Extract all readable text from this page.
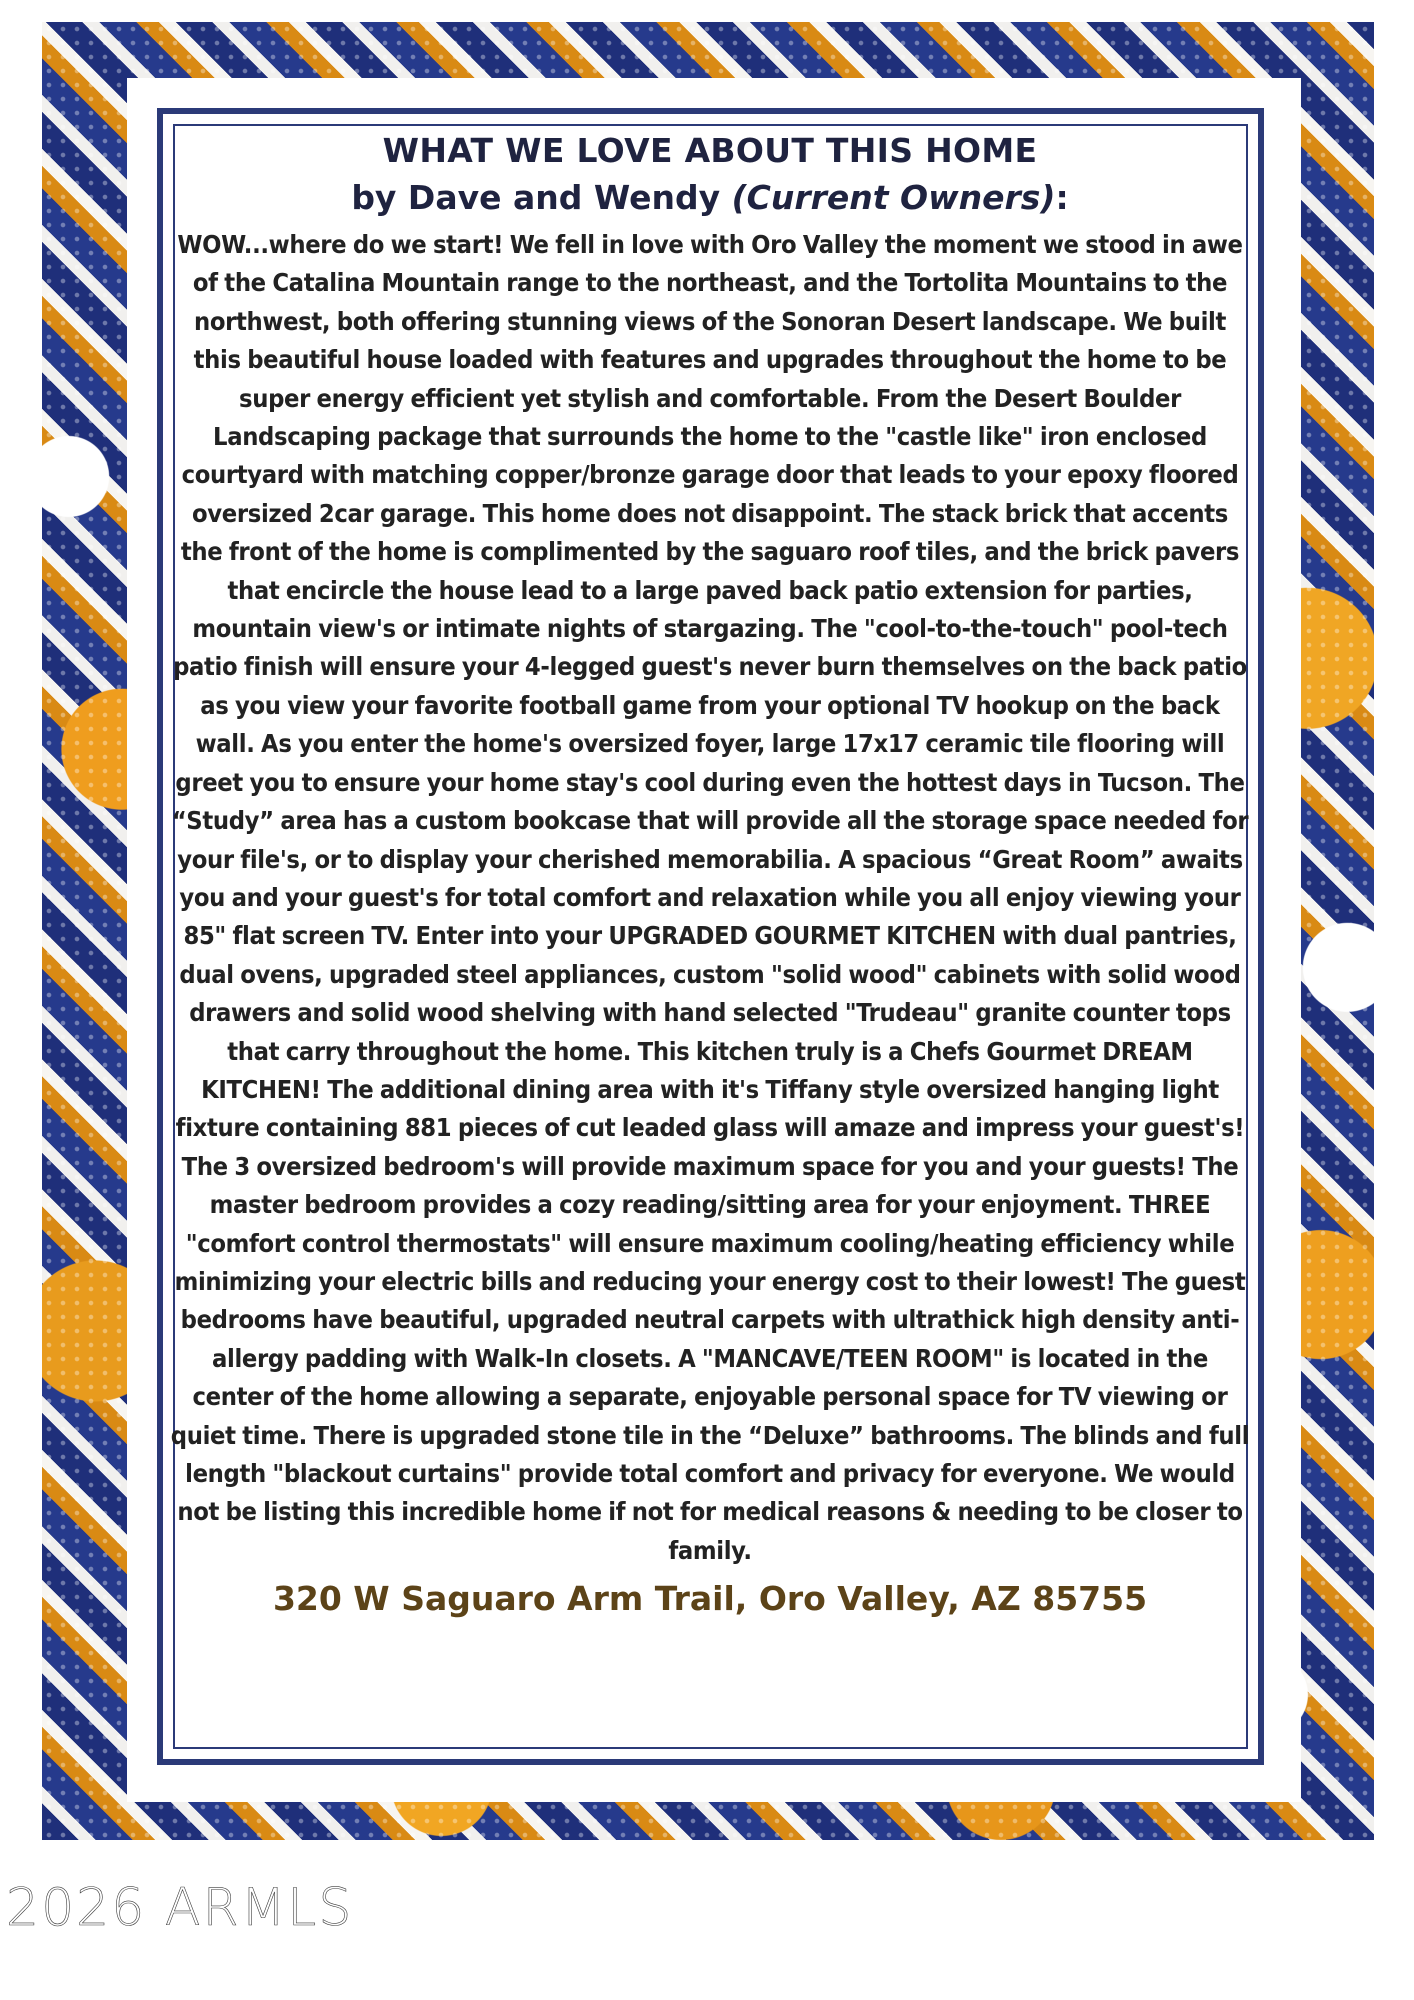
WHAT WE LOVE ABOUT THIS HOME

by Dave and Wendy (Current Owners):

WOW...where do we start! We fell in love with Oro Valley the moment we stood in awe of the Catalina Mountain range to the northeast, and the Tortolita Mountains to the northwest, both offering stunning views of the Sonoran Desert landscape. We built this beautiful house loaded with features and upgrades throughout the home to be super energy efficient yet stylish and comfortable. From the Desert Boulder Landscaping package that surrounds the home to the "castle like" iron enclosed courtyard with matching copper/bronze garage door that leads to your epoxy floored oversized 2car garage. This home does not disappoint. The stack brick that accents the front of the home is complimented by the saguaro roof tiles, and the brick pavers that encircle the house lead to a large paved back patio extension for parties, mountain view's or intimate nights of stargazing. The "cool-to-the-touch" pool-tech patio finish will ensure your 4-legged guest's never burn themselves on the back patio as you view your favorite football game from your optional TV hookup on the back wall. As you enter the home's oversized foyer, large 17x17 ceramic tile flooring will greet you to ensure your home stay's cool during even the hottest days in Tucson. The “Study” area has a custom bookcase that will provide all the storage space needed for your file's, or to display your cherished memorabilia. A spacious “Great Room” awaits you and your guest's for total comfort and relaxation while you all enjoy viewing your 85" flat screen TV. Enter into your UPGRADED GOURMET KITCHEN with dual pantries, dual ovens, upgraded steel appliances, custom "solid wood" cabinets with solid wood drawers and solid wood shelving with hand selected "Trudeau" granite counter tops that carry throughout the home. This kitchen truly is a Chefs Gourmet DREAM KITCHEN! The additional dining area with it's Tiffany style oversized hanging light fixture containing 881 pieces of cut leaded glass will amaze and impress your guest's! The 3 oversized bedroom's will provide maximum space for you and your guests! The master bedroom provides a cozy reading/sitting area for your enjoyment. THREE "comfort control thermostats" will ensure maximum cooling/heating efficiency while minimizing your electric bills and reducing your energy cost to their lowest! The guest bedrooms have beautiful, upgraded neutral carpets with ultrathick high density anti-allergy padding with Walk-In closets. A "MANCAVE/TEEN ROOM" is located in the center of the home allowing a separate, enjoyable personal space for TV viewing or quiet time. There is upgraded stone tile in the “Deluxe” bathrooms. The blinds and full length "blackout curtains" provide total comfort and privacy for everyone. We would not be listing this incredible home if not for medical reasons & needing to be closer to family.

320 W Saguaro Arm Trail, Oro Valley, AZ 85755

2026 ARMLS
